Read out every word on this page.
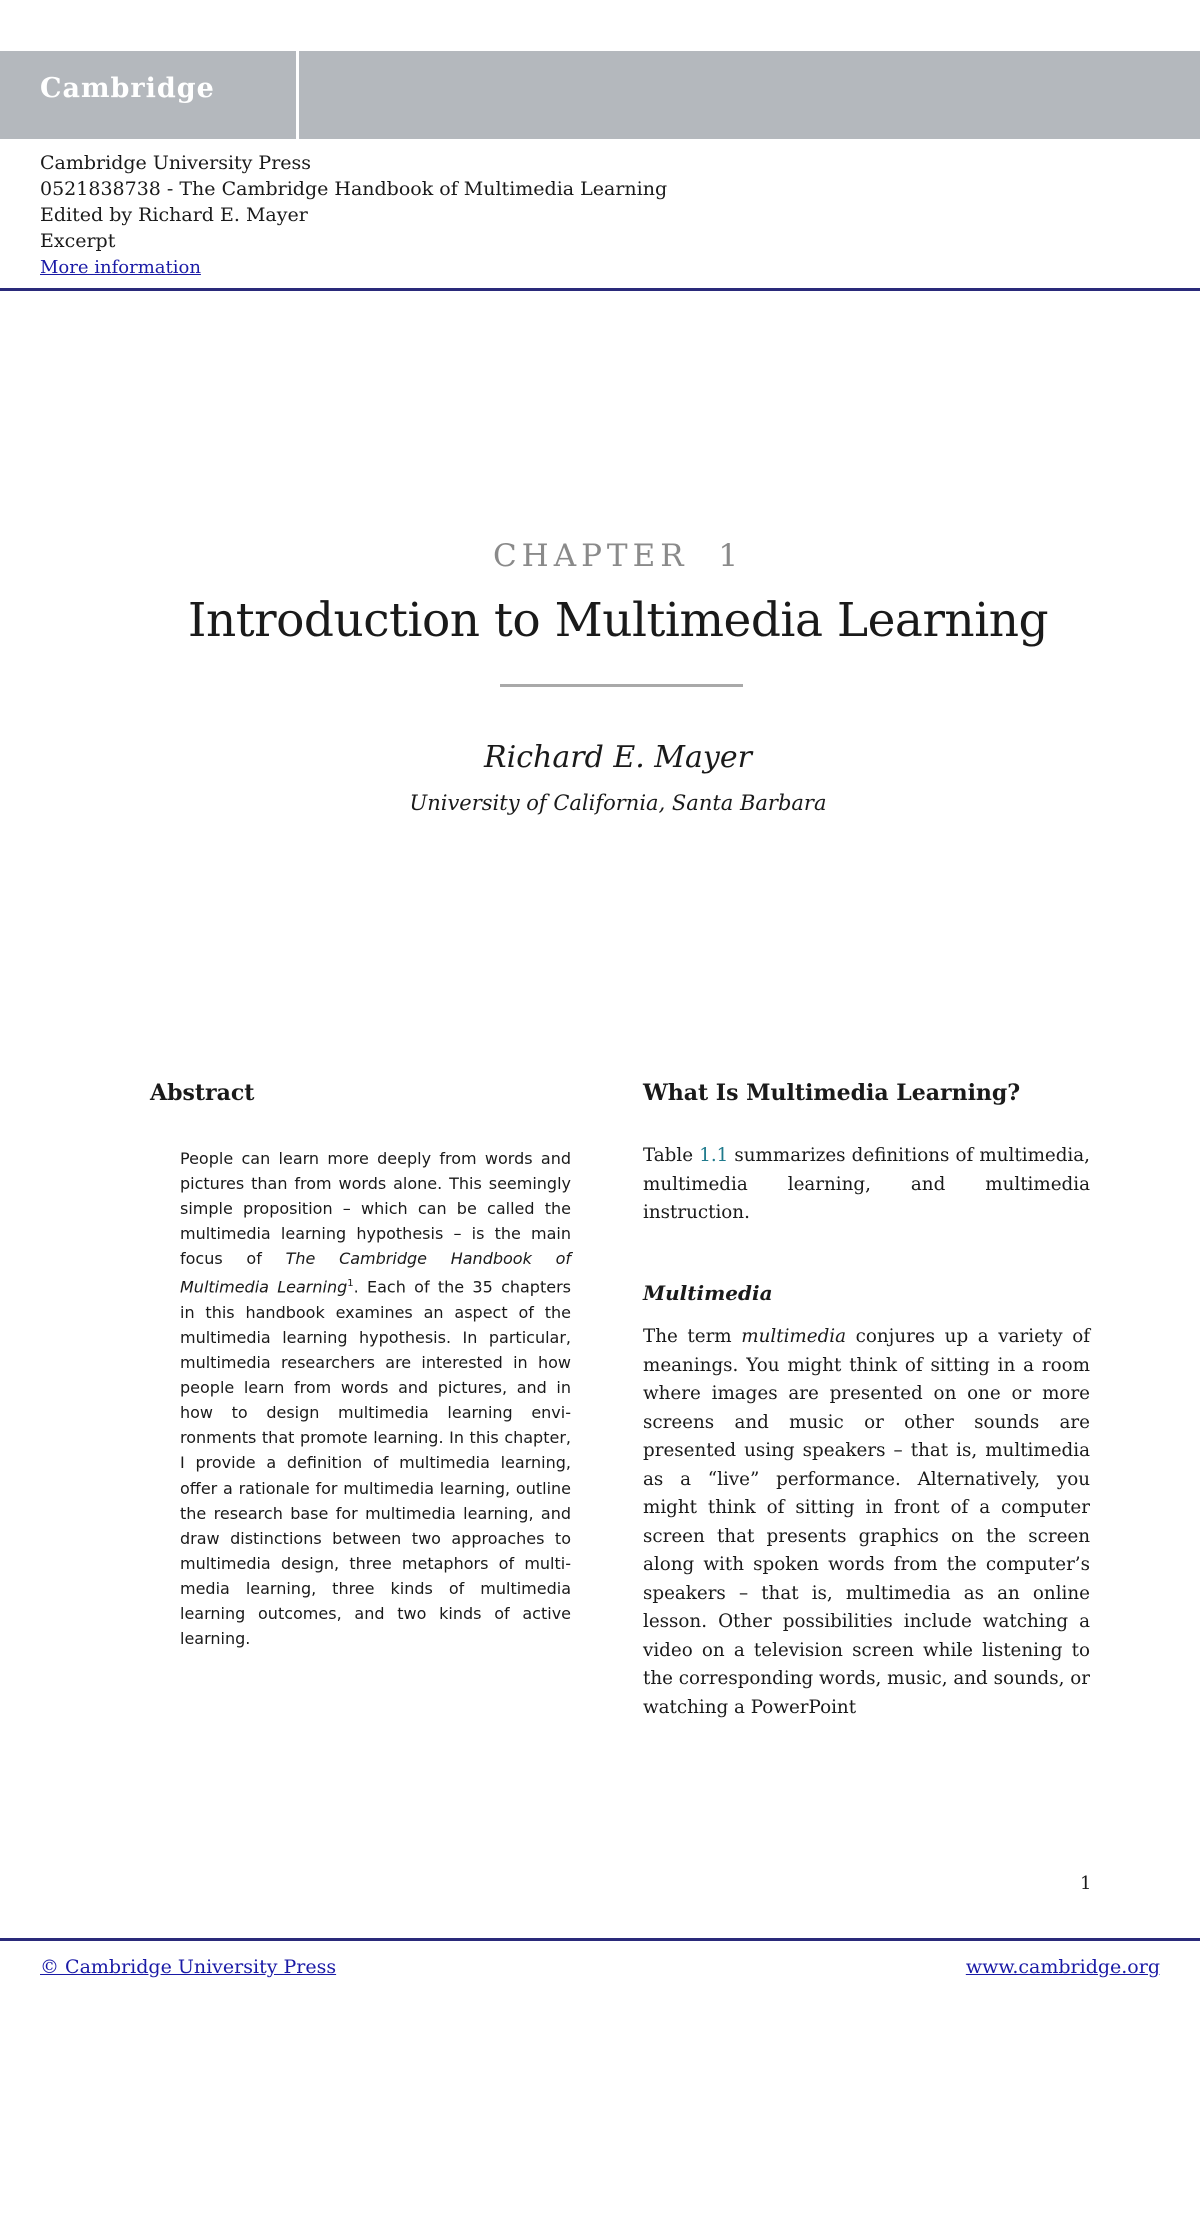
Cambridge
Cambridge University Press
0521838738 - The Cambridge Handbook of Multimedia Learning
Edited by Richard E. Mayer
Excerpt
More information
CHAPTER 1
Introduction to Multimedia Learning
Richard E. Mayer
University of California, Santa Barbara
Abstract
People can learn more deeply from words and pictures than from words alone. This seemingly simple proposition – which can be called the multimedia learning hypothesis – is the main focus of The Cambridge Handbook of Multimedia Learning$^1$. Each of the 35 chapters in this handbook examines an aspect of the multimedia learning hypothesis. In particular, multimedia researchers are interested in how people learn from words and pictures, and in how to design multimedia learning environments that promote learning. In this chapter, I provide a definition of multimedia learning, offer a rationale for multimedia learning, outline the research base for multimedia learning, and draw distinctions between two approaches to multimedia design, three metaphors of multimedia learning, three kinds of multimedia learning outcomes, and two kinds of active learning.
What Is Multimedia Learning?
Table 1.1 summarizes definitions of multimedia, multimedia learning, and multimedia instruction.
Multimedia
The term multimedia conjures up a variety of meanings. You might think of sitting in a room where images are presented on one or more screens and music or other sounds are presented using speakers – that is, multimedia as a “live” performance. Alternatively, you might think of sitting in front of a computer screen that presents graphics on the screen along with spoken words from the computer’s speakers – that is, multimedia as an online lesson. Other possibilities include watching a video on a television screen while listening to the corresponding words, music, and sounds, or watching a PowerPoint
1
© Cambridge University Press	www.cambridge.org
